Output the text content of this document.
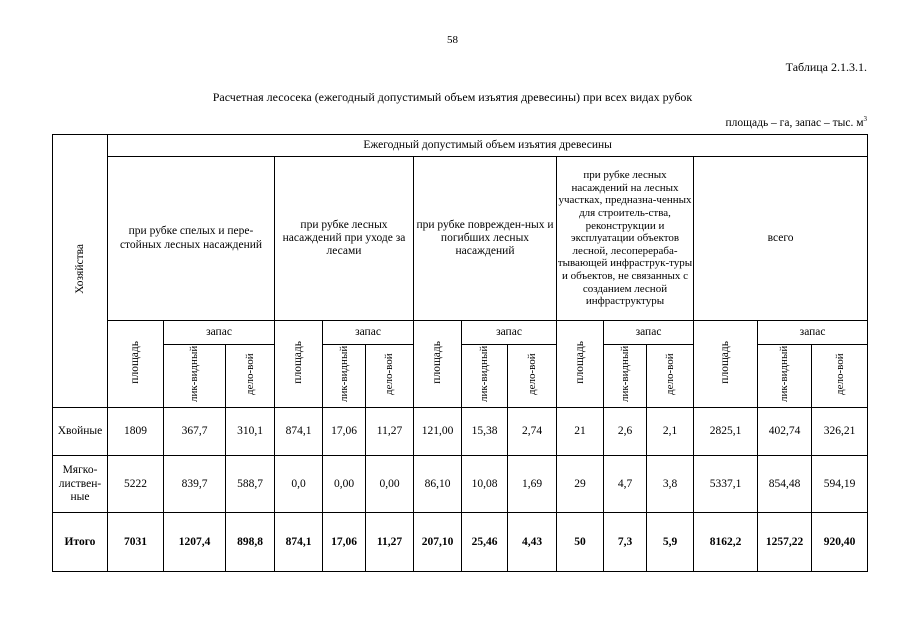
58
Таблица 2.1.3.1.
Расчетная лесосека (ежегодный допустимый объем изъятия древесины) при всех видах рубок
площадь – га, запас – тыс. $м^3$
Хозяйства	Ежегодный допустимый объем изъятия древесины														
	при рубке спелых и пере-стойных лесных насаждений			при рубке лесных насаждений при уходе за лесами			при рубке поврежден-ных и погибших лесных насаждений			при рубке лесных насаждений на лесных участках, предназна-ченных для строитель-ства, реконструкции и эксплуатации объектов лесной, лесоперераба-тывающей инфраструк-туры и объектов, не связанных с созданием лесной инфраструктуры			всего		
	площадь	запас		площадь	запас		площадь	запас		площадь	запас		площадь	запас	
		лик-видный	дело-вой		лик-видный	дело-вой		лик-видный	дело-вой		лик-видный	дело-вой		лик-видный	дело-вой
Хвойные	1809	367,7	310,1	874,1	17,06	11,27	121,00	15,38	2,74	21	2,6	2,1	2825,1	402,74	326,21
Мягко-листвен-ные	5222	839,7	588,7	0,0	0,00	0,00	86,10	10,08	1,69	29	4,7	3,8	5337,1	854,48	594,19
Итого	7031	1207,4	898,8	874,1	17,06	11,27	207,10	25,46	4,43	50	7,3	5,9	8162,2	1257,22	920,40
